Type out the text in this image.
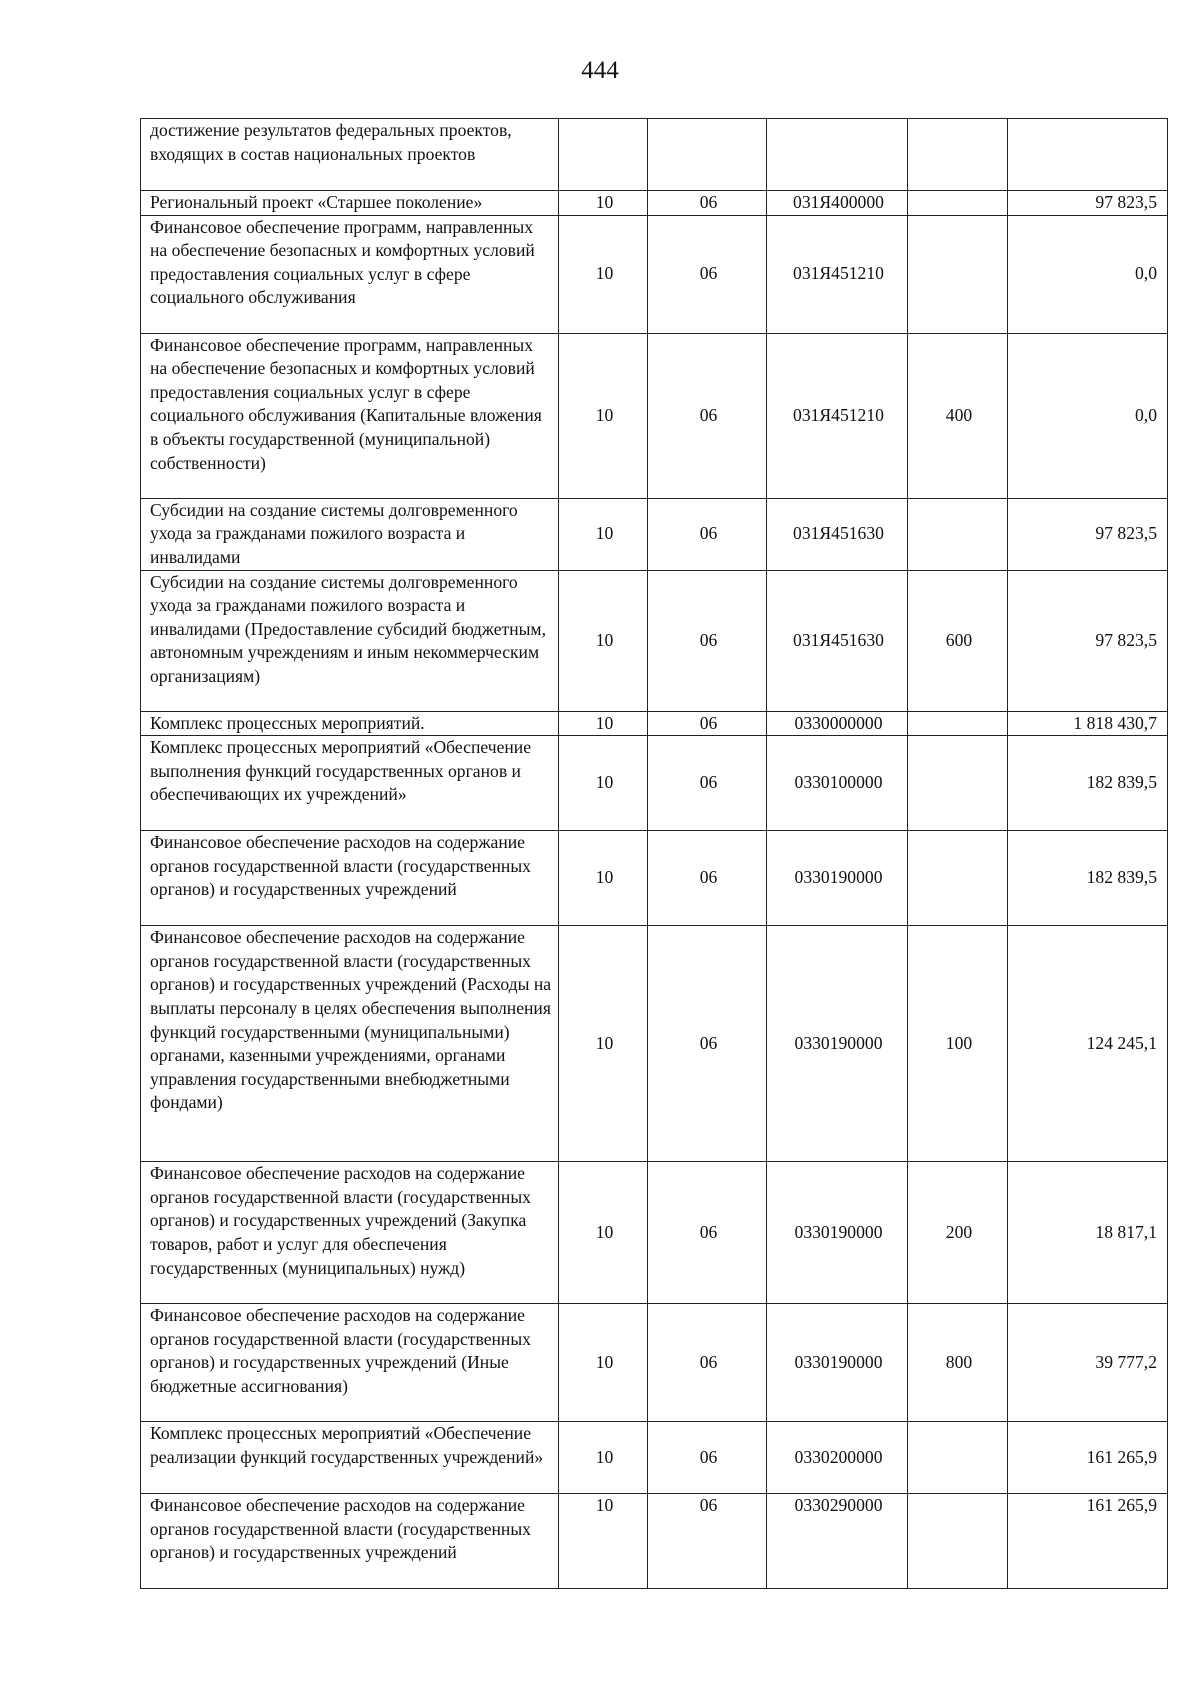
444
достижение результатов федеральных проектов, входящих в состав национальных проектов					
Региональный проект «Старшее поколение»	10	06	031Я400000		97 823,5
Финансовое обеспечение программ, направленных на обеспечение безопасных и комфортных условий предоставления социальных услуг в сфере социального обслуживания	10	06	031Я451210		0,0
Финансовое обеспечение программ, направленных на обеспечение безопасных и комфортных условий предоставления социальных услуг в сфере социального обслуживания (Капитальные вложения в объекты государственной (муниципальной) собственности)	10	06	031Я451210	400	0,0
Субсидии на создание системы долговременного ухода за гражданами пожилого возраста и инвалидами	10	06	031Я451630		97 823,5
Субсидии на создание системы долговременного ухода за гражданами пожилого возраста и инвалидами (Предоставление субсидий бюджетным, автономным учреждениям и иным некоммерческим организациям)	10	06	031Я451630	600	97 823,5
Комплекс процессных мероприятий.	10	06	0330000000		1 818 430,7
Комплекс процессных мероприятий «Обеспечение выполнения функций государственных органов и обеспечивающих их учреждений»	10	06	0330100000		182 839,5
Финансовое обеспечение расходов на содержание органов государственной власти (государственных органов) и государственных учреждений	10	06	0330190000		182 839,5
Финансовое обеспечение расходов на содержание органов государственной власти (государственных органов) и государственных учреждений (Расходы на выплаты персоналу в целях обеспечения выполнения функций государственными (муниципальными) органами, казенными учреждениями, органами управления государственными внебюджетными фондами)	10	06	0330190000	100	124 245,1
Финансовое обеспечение расходов на содержание органов государственной власти (государственных органов) и государственных учреждений (Закупка товаров, работ и услуг для обеспечения государственных (муниципальных) нужд)	10	06	0330190000	200	18 817,1
Финансовое обеспечение расходов на содержание органов государственной власти (государственных органов) и государственных учреждений (Иные бюджетные ассигнования)	10	06	0330190000	800	39 777,2
Комплекс процессных мероприятий «Обеспечение реализации функций государственных учреждений»	10	06	0330200000		161 265,9
Финансовое обеспечение расходов на содержание органов государственной власти (государственных органов) и государственных учреждений	10	06	0330290000		161 265,9
